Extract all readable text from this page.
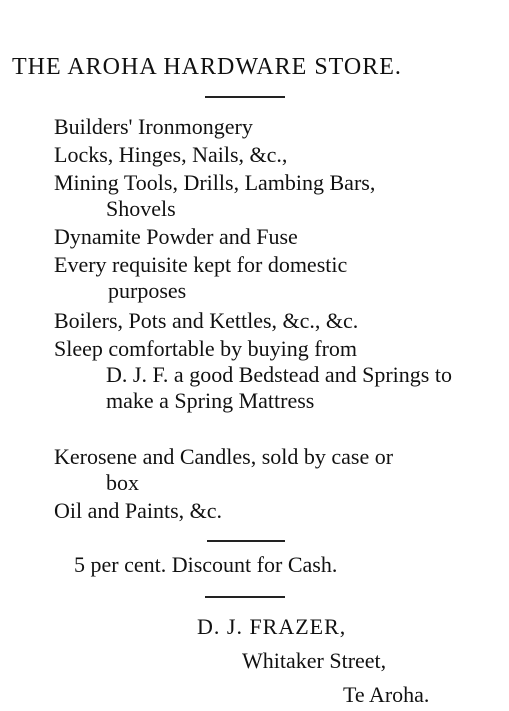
THE AROHA HARDWARE STORE.
Builders' Ironmongery
Locks, Hinges, Nails, &c.,
Mining Tools, Drills, Lambing Bars,
Shovels
Dynamite Powder and Fuse
Every requisite kept for domestic
purposes
Boilers, Pots and Kettles, &c., &c.
Sleep comfortable by buying from
D. J. F. a good Bedstead and Springs to make a Spring Mattress
Kerosene and Candles, sold by case or
box
Oil and Paints, &c.
5 per cent. Discount for Cash.
D. J. FRAZER,
Whitaker Street,
Te Aroha.
